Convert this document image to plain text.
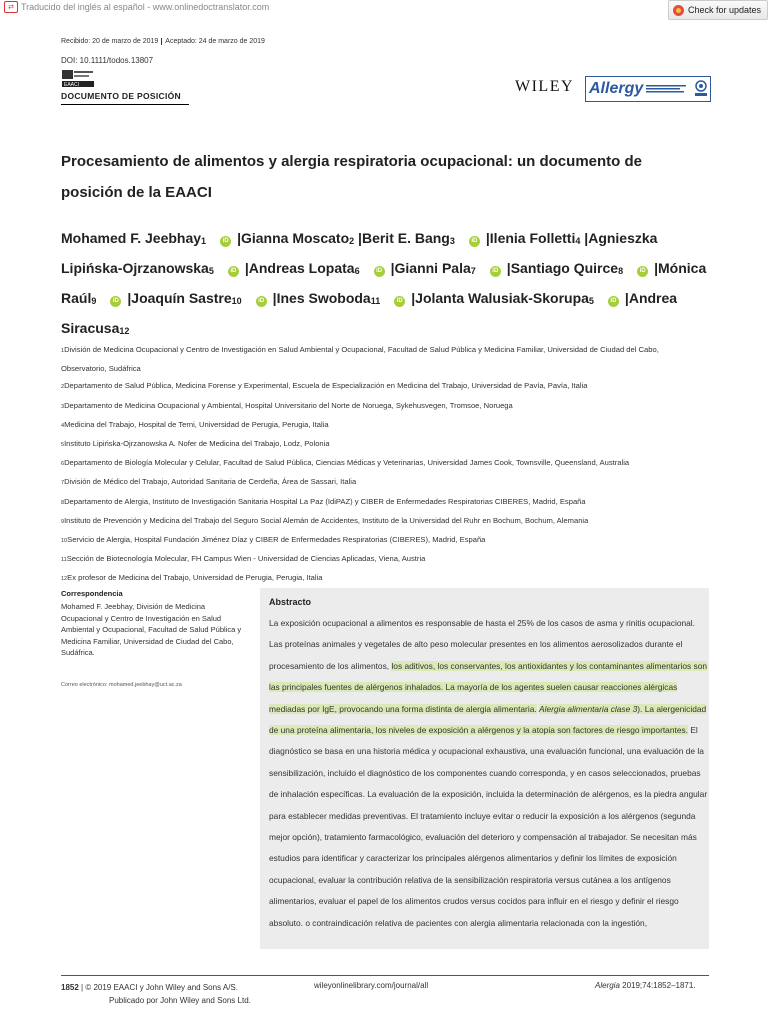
⇄ Traducido del inglés al español - www.onlinedoctranslator.com	Check for updates
Recibido: 20 de marzo de 2019 Aceptado: 24 de marzo de 2019
DOI: 10.1111/todos.13807
EAACI
DOCUMENTO DE POSICIÓN
WILEY Allergy
Procesamiento de alimentos y alergia respiratoria ocupacional: un documento de posición de la EAACI
Mohamed F. Jeebhay$_1$	iD |Gianna Moscato$_2$ |Berit E. Bang$_3$	iD |Ilenia Folletti$_4$ |Agnieszka Lipińska-Ojrzanowska$_5$	iD |Andreas Lopata$_6$	iD |Gianni Pala$_7$	iD |Santiago Quirce$_8$	iD |Mónica Raúl$_9$	iD |Joaquín Sastre$_{10}$	iD |Ines Swoboda$_{11}$	iD |Jolanta Walusiak-Skorupa$_5$	iD |Andrea Siracusa$_{12}$
1División de Medicina Ocupacional y Centro de Investigación en Salud Ambiental y Ocupacional, Facultad de Salud Pública y Medicina Familiar, Universidad de Ciudad del Cabo, Observatorio, Sudáfrica
2Departamento de Salud Pública, Medicina Forense y Experimental, Escuela de Especialización en Medicina del Trabajo, Universidad de Pavía, Pavía, Italia
3Departamento de Medicina Ocupacional y Ambiental, Hospital Universitario del Norte de Noruega, Sykehusvegen, Tromsoe, Noruega
4Medicina del Trabajo, Hospital de Terni, Universidad de Perugia, Perugia, Italia
5Instituto Lipińska-Ojrzanowska A. Nofer de Medicina del Trabajo, Lodz, Polonia
6Departamento de Biología Molecular y Celular, Facultad de Salud Pública, Ciencias Médicas y Veterinarias, Universidad James Cook, Townsville, Queensland, Australia
7División de Médico del Trabajo, Autoridad Sanitaria de Cerdeña, Área de Sassari, Italia
8Departamento de Alergia, Instituto de Investigación Sanitaria Hospital La Paz (IdiPAZ) y CIBER de Enfermedades Respiratorias CIBERES, Madrid, España
9Instituto de Prevención y Medicina del Trabajo del Seguro Social Alemán de Accidentes, Instituto de la Universidad del Ruhr en Bochum, Bochum, Alemania
10Servicio de Alergia, Hospital Fundación Jiménez Díaz y CIBER de Enfermedades Respiratorias (CIBERES), Madrid, España
11Sección de Biotecnología Molecular, FH Campus Wien - Universidad de Ciencias Aplicadas, Viena, Austria
12Ex profesor de Medicina del Trabajo, Universidad de Perugia, Perugia, Italia
Correspondencia
Mohamed F. Jeebhay, División de Medicina Ocupacional y Centro de Investigación en Salud Ambiental y Ocupacional, Facultad de Salud Pública y Medicina Familiar, Universidad de Ciudad del Cabo, Sudáfrica.
Correo electrónico: mohamed.jeebhay@uct.ac.za
Abstracto
La exposición ocupacional a alimentos es responsable de hasta el 25% de los casos de asma y rinitis ocupacional. Las proteínas animales y vegetales de alto peso molecular presentes en los alimentos aerosolizados durante el procesamiento de los alimentos, los aditivos, los conservantes, los antioxidantes y los contaminantes alimentarios son las principales fuentes de alérgenos inhalados. La mayoría de los agentes suelen causar reacciones alérgicas mediadas por IgE, provocando una forma distinta de alergia alimentaria. Alergia alimentaria clase 3). La alergenicidad de una proteína alimentaria, los niveles de exposición a alérgenos y la atopia son factores de riesgo importantes. El diagnóstico se basa en una historia médica y ocupacional exhaustiva, una evaluación funcional, una evaluación de la sensibilización, incluido el diagnóstico de los componentes cuando corresponda, y en casos seleccionados, pruebas de inhalación específicas. La evaluación de la exposición, incluida la determinación de alérgenos, es la piedra angular para establecer medidas preventivas. El tratamiento incluye evitar o reducir la exposición a los alérgenos (segunda mejor opción), tratamiento farmacológico, evaluación del deterioro y compensación al trabajador. Se necesitan más estudios para identificar y caracterizar los principales alérgenos alimentarios y definir los límites de exposición ocupacional, evaluar la contribución relativa de la sensibilización respiratoria versus cutánea a los antígenos alimentarios, evaluar el papel de los alimentos crudos versus cocidos para influir en el riesgo y definir el riesgo absoluto. o contraindicación relativa de pacientes con alergia alimentaria relacionada con la ingestión,
1852 | © 2019 EAACI y John Wiley and Sons A/S.
Publicado por John Wiley and Sons Ltd.
wileyonlinelibrary.com/journal/all	Alergia 2019;74:1852–1871.
